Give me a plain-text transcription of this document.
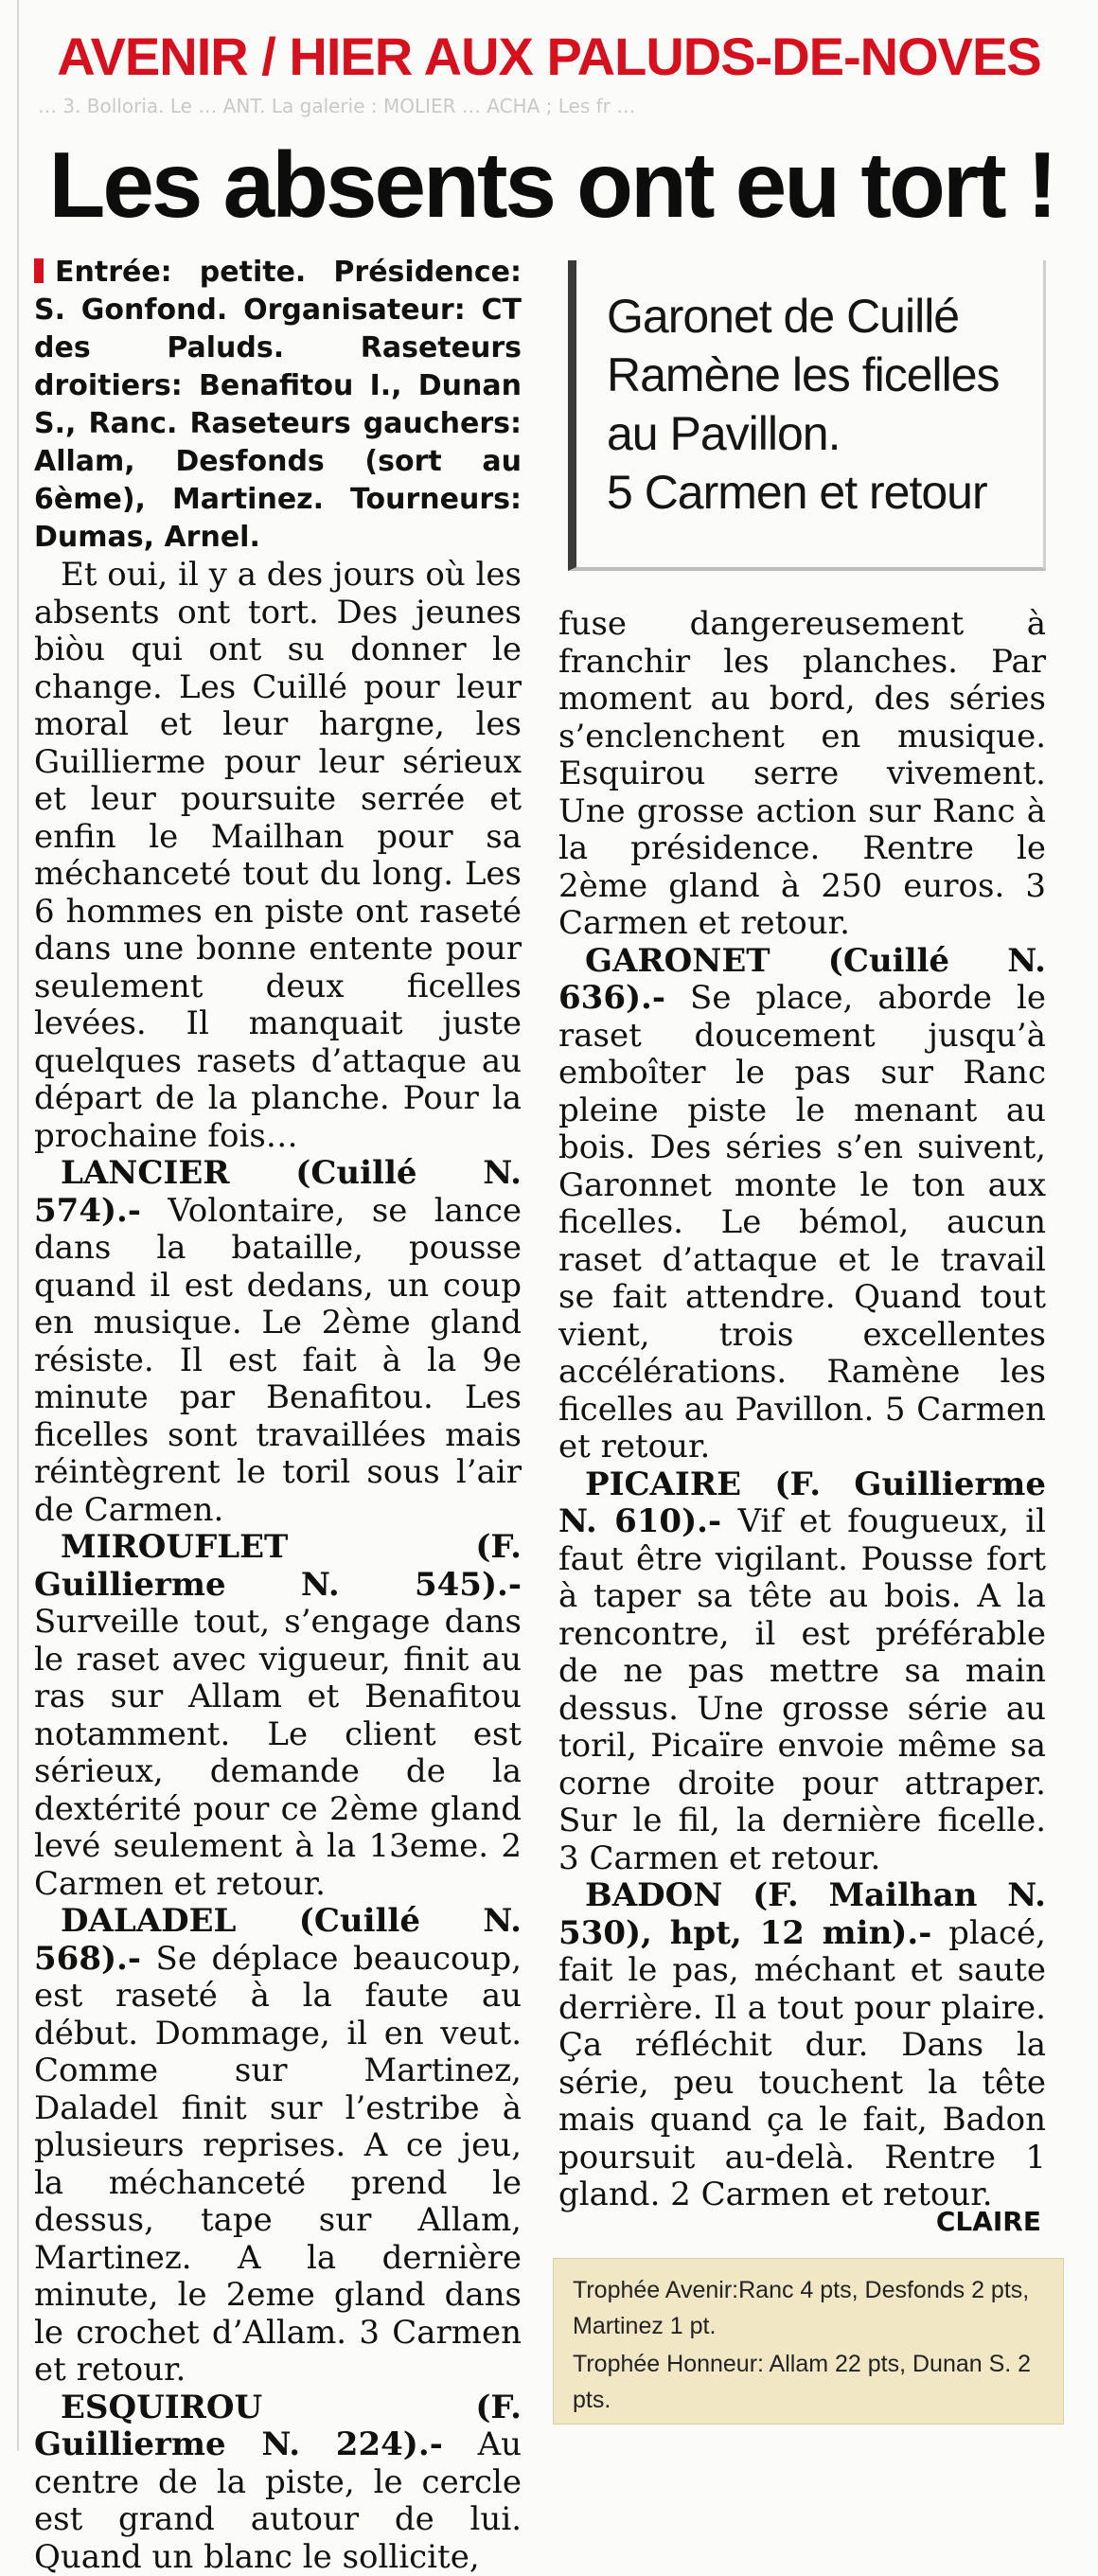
… 3. Bolloria. Le … ANT. La galerie : MOLIER … ACHA ; Les fr …
AVENIR / HIER AUX PALUDS-DE-NOVES
Les absents ont eu tort !

Entrée: petite. Présidence: S. Gonfond. Organisateur: CT des Paluds. Raseteurs droitiers: Benafitou I., Dunan S., Ranc. Raseteurs gauchers: Allam, Desfonds (sort au 6ème), Martinez. Tourneurs: Dumas, Arnel.

Et oui, il y a des jours où les absents ont tort. Des jeunes biòu qui ont su donner le change. Les Cuillé pour leur moral et leur hargne, les Guillierme pour leur sérieux et leur poursuite serrée et enfin le Mailhan pour sa méchanceté tout du long. Les 6 hommes en piste ont raseté dans une bonne entente pour seulement deux ficelles levées. Il manquait juste quelques rasets d’attaque au départ de la planche. Pour la prochaine fois…

LANCIER (Cuillé N. 574).- Volontaire, se lance dans la bataille, pousse quand il est dedans, un coup en musique. Le 2ème gland résiste. Il est fait à la 9e minute par Benafitou. Les ficelles sont travaillées mais réintègrent le toril sous l’air de Carmen.

MIROUFLET (F. Guillierme N. 545).- Surveille tout, s’engage dans le raset avec vigueur, finit au ras sur Allam et Benafitou notamment. Le client est sérieux, demande de la dextérité pour ce 2ème gland levé seulement à la 13eme. 2 Carmen et retour.

DALADEL (Cuillé N. 568).- Se déplace beaucoup, est raseté à la faute au début. Dommage, il en veut. Comme sur Martinez, Daladel finit sur l’estribe à plusieurs reprises. A ce jeu, la méchanceté prend le dessus, tape sur Allam, Martinez. A la dernière minute, le 2eme gland dans le crochet d’Allam. 3 Carmen et retour.

ESQUIROU (F. Guillierme N. 224).- Au centre de la piste, le cercle est grand autour de lui. Quand un blanc le sollicite,

Garonet de Cuillé
Ramène les ficelles
au Pavillon.
5 Carmen et retour

fuse dangereusement à franchir les planches. Par moment au bord, des séries s’enclenchent en musique. Esquirou serre vivement. Une grosse action sur Ranc à la présidence. Rentre le 2ème gland à 250 euros. 3 Carmen et retour.

GARONET (Cuillé N. 636).- Se place, aborde le raset doucement jusqu’à emboîter le pas sur Ranc pleine piste le menant au bois. Des séries s’en suivent, Garonnet monte le ton aux ficelles. Le bémol, aucun raset d’attaque et le travail se fait attendre. Quand tout vient, trois excellentes accélérations. Ramène les ficelles au Pavillon. 5 Carmen et retour.

PICAIRE (F. Guillierme N. 610).- Vif et fougueux, il faut être vigilant. Pousse fort à taper sa tête au bois. A la rencontre, il est préférable de ne pas mettre sa main dessus. Une grosse série au toril, Picaïre envoie même sa corne droite pour attraper. Sur le fil, la dernière ficelle. 3 Carmen et retour.

BADON (F. Mailhan N. 530), hpt, 12 min).- placé, fait le pas, méchant et saute derrière. Il a tout pour plaire. Ça réfléchit dur. Dans la série, peu touchent la tête mais quand ça le fait, Badon poursuit au-delà. Rentre 1 gland. 2 Carmen et retour.

CLAIRE

Trophée Avenir:Ranc 4 pts, Desfonds 2 pts, Martinez 1 pt.

Trophée Honneur: Allam 22 pts, Dunan S. 2 pts.
